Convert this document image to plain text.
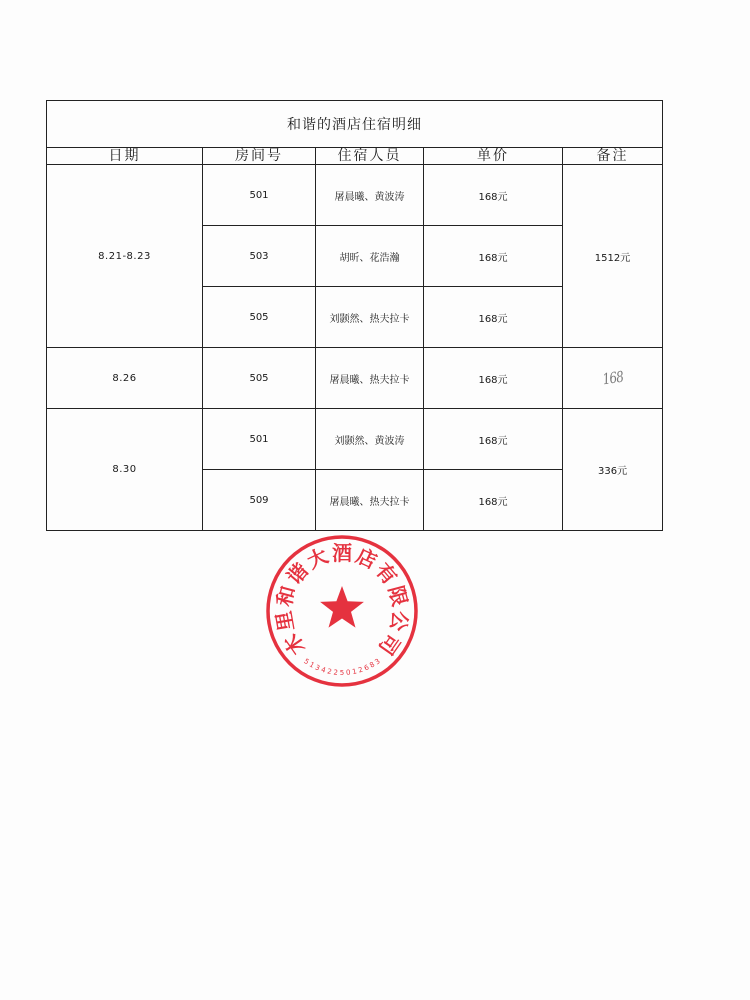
和谐的酒店住宿明细				
日期	房间号	住宿人员	单价	备注
8.21-8.23	501	屠晨曦、黄波涛	168元	1512元
	503	胡昕、花浩瀚	168元	
	505	刘颢然、热夫拉卡	168元	
8.26	505	屠晨曦、热夫拉卡	168元	168
8.30	501	刘颢然、黄波涛	168元	336元
	509	屠晨曦、热夫拉卡	168元	
木
里
和
谐
大 酒 店
有
限
公
司
5
1
3 4 2 2 5 0 1 2 6
8
3
